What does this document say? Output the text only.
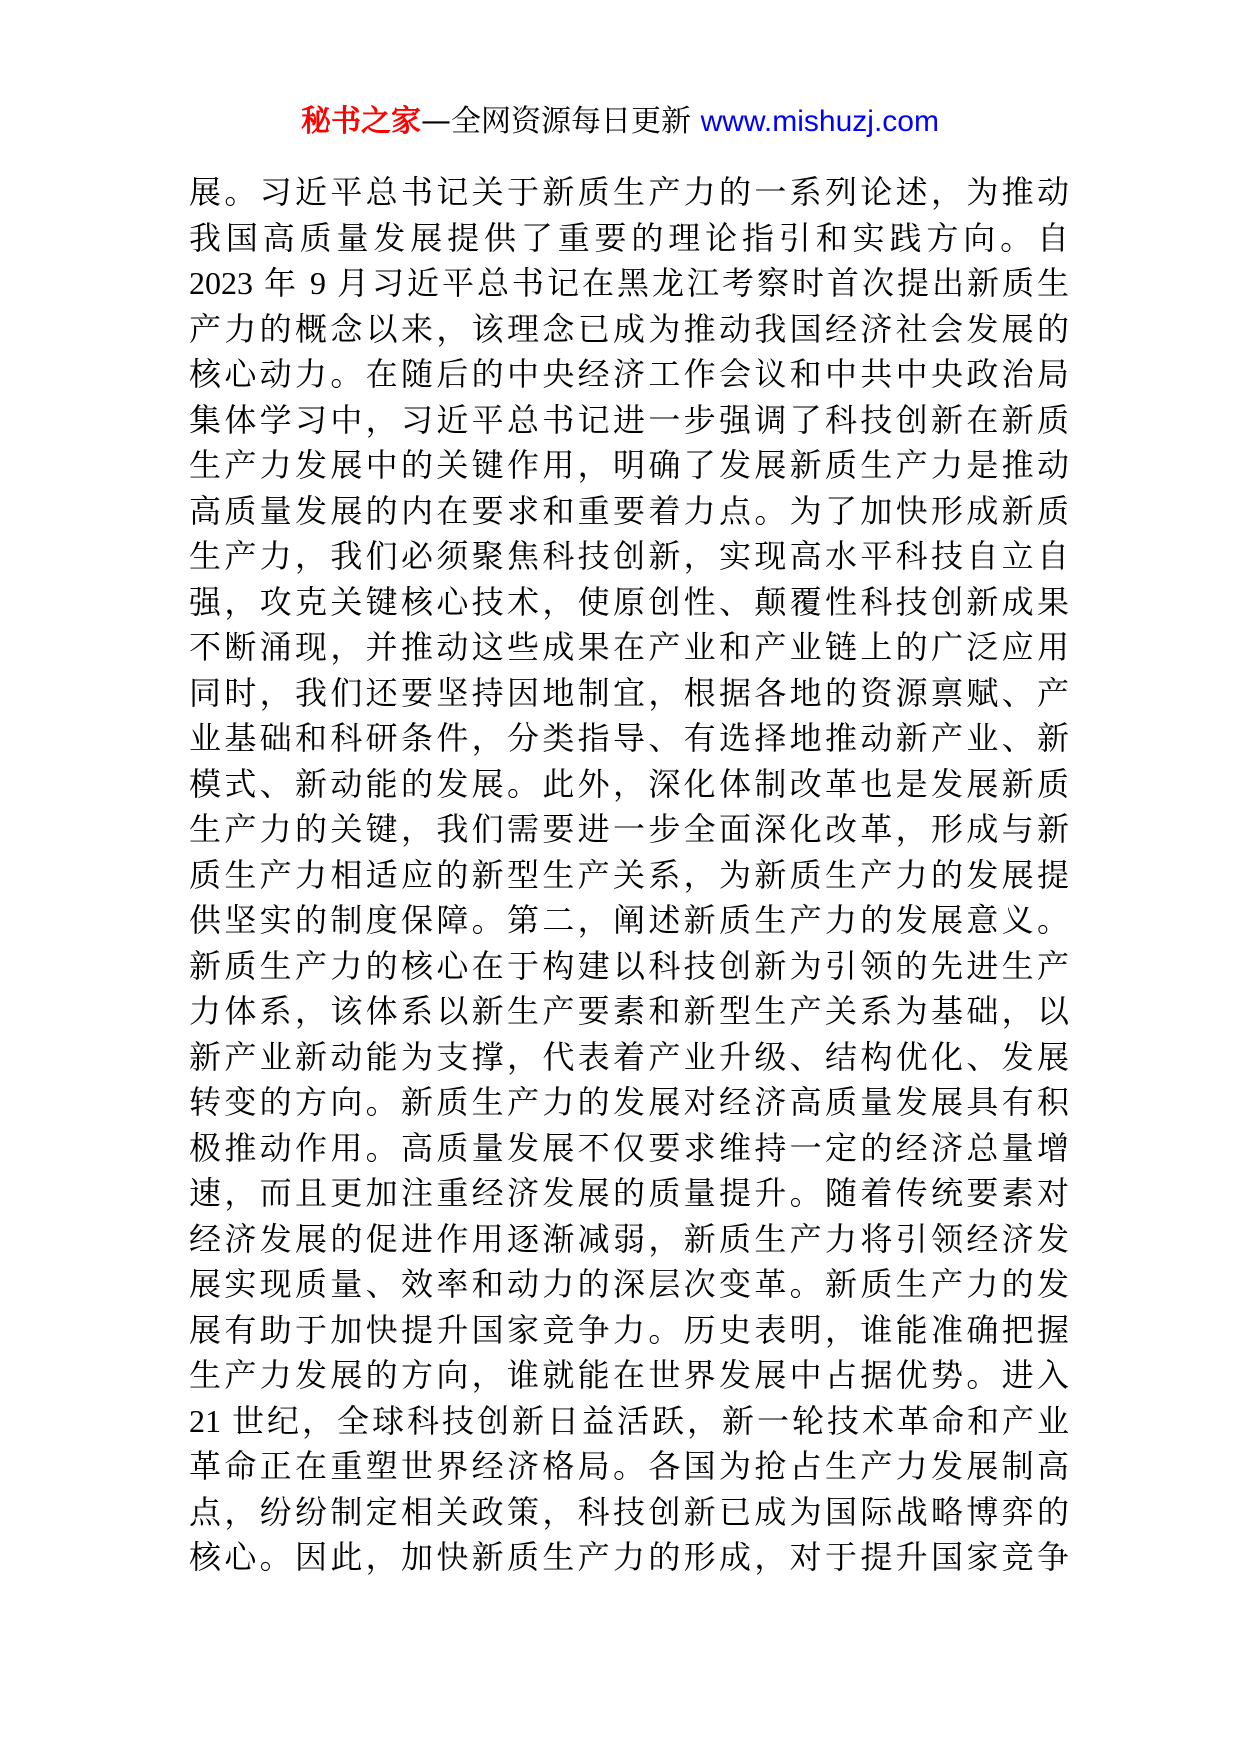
秘书之家—全网资源每日更新 www.mishuzj.com
展。习近平总书记关于新质生产力的一系列论述，为推动
我国高质量发展提供了重要的理论指引和实践方向。自
2023 年 9 月习近平总书记在黑龙江考察时首次提出新质生
产力的概念以来，该理念已成为推动我国经济社会发展的
核心动力。在随后的中央经济工作会议和中共中央政治局
集体学习中，习近平总书记进一步强调了科技创新在新质
生产力发展中的关键作用，明确了发展新质生产力是推动
高质量发展的内在要求和重要着力点。为了加快形成新质
生产力，我们必须聚焦科技创新，实现高水平科技自立自
强，攻克关键核心技术，使原创性、颠覆性科技创新成果
不断涌现，并推动这些成果在产业和产业链上的广泛应用
同时，我们还要坚持因地制宜，根据各地的资源禀赋、产
业基础和科研条件，分类指导、有选择地推动新产业、新
模式、新动能的发展。此外，深化体制改革也是发展新质
生产力的关键，我们需要进一步全面深化改革，形成与新
质生产力相适应的新型生产关系，为新质生产力的发展提
供坚实的制度保障。第二，阐述新质生产力的发展意义。
新质生产力的核心在于构建以科技创新为引领的先进生产
力体系，该体系以新生产要素和新型生产关系为基础，以
新产业新动能为支撑，代表着产业升级、结构优化、发展
转变的方向。新质生产力的发展对经济高质量发展具有积
极推动作用。高质量发展不仅要求维持一定的经济总量增
速，而且更加注重经济发展的质量提升。随着传统要素对
经济发展的促进作用逐渐减弱，新质生产力将引领经济发
展实现质量、效率和动力的深层次变革。新质生产力的发
展有助于加快提升国家竞争力。历史表明，谁能准确把握
生产力发展的方向，谁就能在世界发展中占据优势。进入
21 世纪，全球科技创新日益活跃，新一轮技术革命和产业
革命正在重塑世界经济格局。各国为抢占生产力发展制高
点，纷纷制定相关政策，科技创新已成为国际战略博弈的
核心。因此，加快新质生产力的形成，对于提升国家竞争
